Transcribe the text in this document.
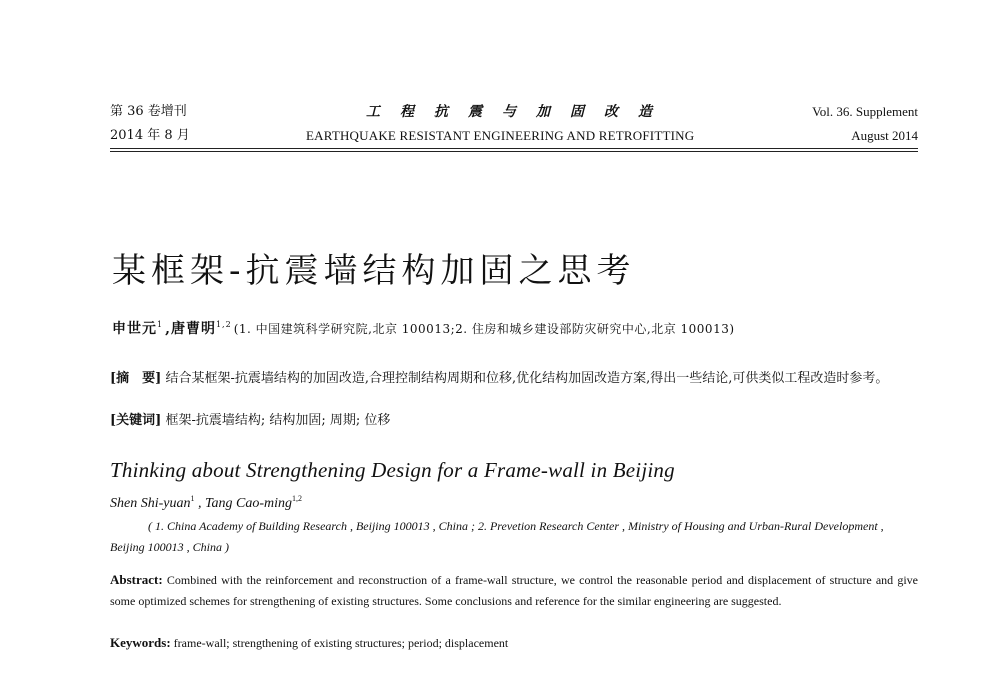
第 36 卷增刊
2014 年 8 月
工程抗震与加固改造
EARTHQUAKE RESISTANT ENGINEERING AND RETROFITTING
Vol. 36. Supplement
August 2014
某框架-抗震墙结构加固之思考
申世元$^1$ ,唐曹明$^{1,2}$ (1. 中国建筑科学研究院,北京 100013;2. 住房和城乡建设部防灾研究中心,北京 100013)
[摘　要] 结合某框架-抗震墙结构的加固改造,合理控制结构周期和位移,优化结构加固改造方案,得出一些结论,可供类似工程改造时参考。
[关键词] 框架-抗震墙结构; 结构加固; 周期; 位移
Thinking about Strengthening Design for a Frame-wall in Beijing
Shen Shi-yuan$^1$ , Tang Cao-ming$^{1,2}$
( 1. China Academy of Building Research , Beijing 100013 , China ; 2. Prevetion Research Center , Ministry of Housing and Urban-Rural Development , Beijing 100013 , China )
Abstract: Combined with the reinforcement and reconstruction of a frame-wall structure, we control the reasonable period and displacement of structure and give some optimized schemes for strengthening of existing structures. Some conclusions and reference for the similar engineering are suggested.
Keywords: frame-wall; strengthening of existing structures; period; displacement
